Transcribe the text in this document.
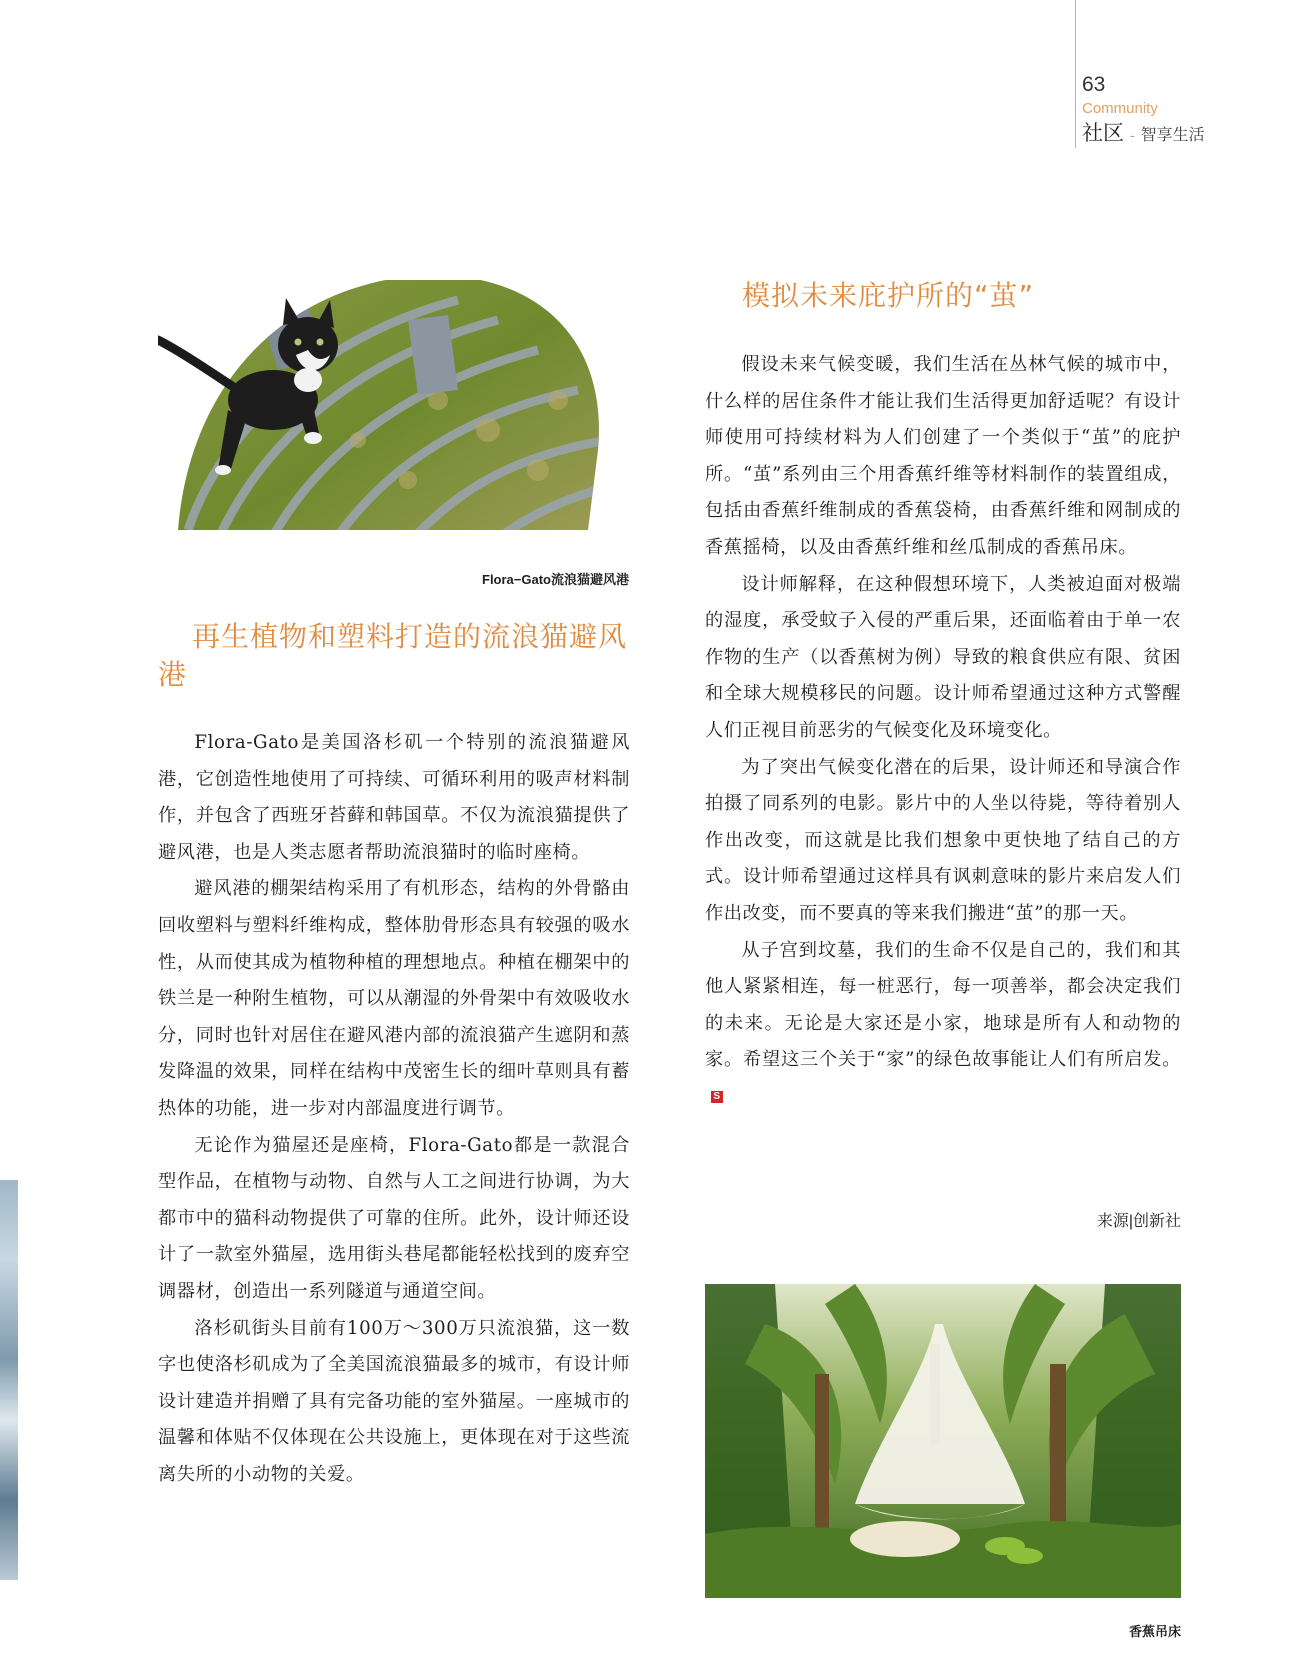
63
Community
社区 - 智享生活
Flora−Gato流浪猫避风港
再生植物和塑料打造的流浪猫避风港

Flora-Gato是美国洛杉矶一个特别的流浪猫避风港，它创造性地使用了可持续、可循环利用的吸声材料制作，并包含了西班牙苔藓和韩国草。不仅为流浪猫提供了避风港，也是人类志愿者帮助流浪猫时的临时座椅。

避风港的棚架结构采用了有机形态，结构的外骨骼由回收塑料与塑料纤维构成，整体肋骨形态具有较强的吸水性，从而使其成为植物种植的理想地点。种植在棚架中的铁兰是一种附生植物，可以从潮湿的外骨架中有效吸收水分，同时也针对居住在避风港内部的流浪猫产生遮阴和蒸发降温的效果，同样在结构中茂密生长的细叶草则具有蓄热体的功能，进一步对内部温度进行调节。

无论作为猫屋还是座椅，Flora-Gato都是一款混合型作品，在植物与动物、自然与人工之间进行协调，为大都市中的猫科动物提供了可靠的住所。此外，设计师还设计了一款室外猫屋，选用街头巷尾都能轻松找到的废弃空调器材，创造出一系列隧道与通道空间。

洛杉矶街头目前有100万～300万只流浪猫，这一数字也使洛杉矶成为了全美国流浪猫最多的城市，有设计师设计建造并捐赠了具有完备功能的室外猫屋。一座城市的温馨和体贴不仅体现在公共设施上，更体现在对于这些流离失所的小动物的关爱。

模拟未来庇护所的“茧”

假设未来气候变暖，我们生活在丛林气候的城市中，什么样的居住条件才能让我们生活得更加舒适呢？有设计师使用可持续材料为人们创建了一个类似于“茧”的庇护所。“茧”系列由三个用香蕉纤维等材料制作的装置组成，包括由香蕉纤维制成的香蕉袋椅，由香蕉纤维和网制成的香蕉摇椅，以及由香蕉纤维和丝瓜制成的香蕉吊床。

设计师解释，在这种假想环境下，人类被迫面对极端的湿度，承受蚊子入侵的严重后果，还面临着由于单一农作物的生产（以香蕉树为例）导致的粮食供应有限、贫困和全球大规模移民的问题。设计师希望通过这种方式警醒人们正视目前恶劣的气候变化及环境变化。

为了突出气候变化潜在的后果，设计师还和导演合作拍摄了同系列的电影。影片中的人坐以待毙，等待着别人作出改变，而这就是比我们想象中更快地了结自己的方式。设计师希望通过这样具有讽刺意味的影片来启发人们作出改变，而不要真的等来我们搬进“茧”的那一天。

从子宫到坟墓，我们的生命不仅是自己的，我们和其他人紧紧相连，每一桩恶行，每一项善举，都会决定我们的未来。无论是大家还是小家，地球是所有人和动物的家。希望这三个关于“家”的绿色故事能让人们有所启发。S

来源|创新社
香蕉吊床
